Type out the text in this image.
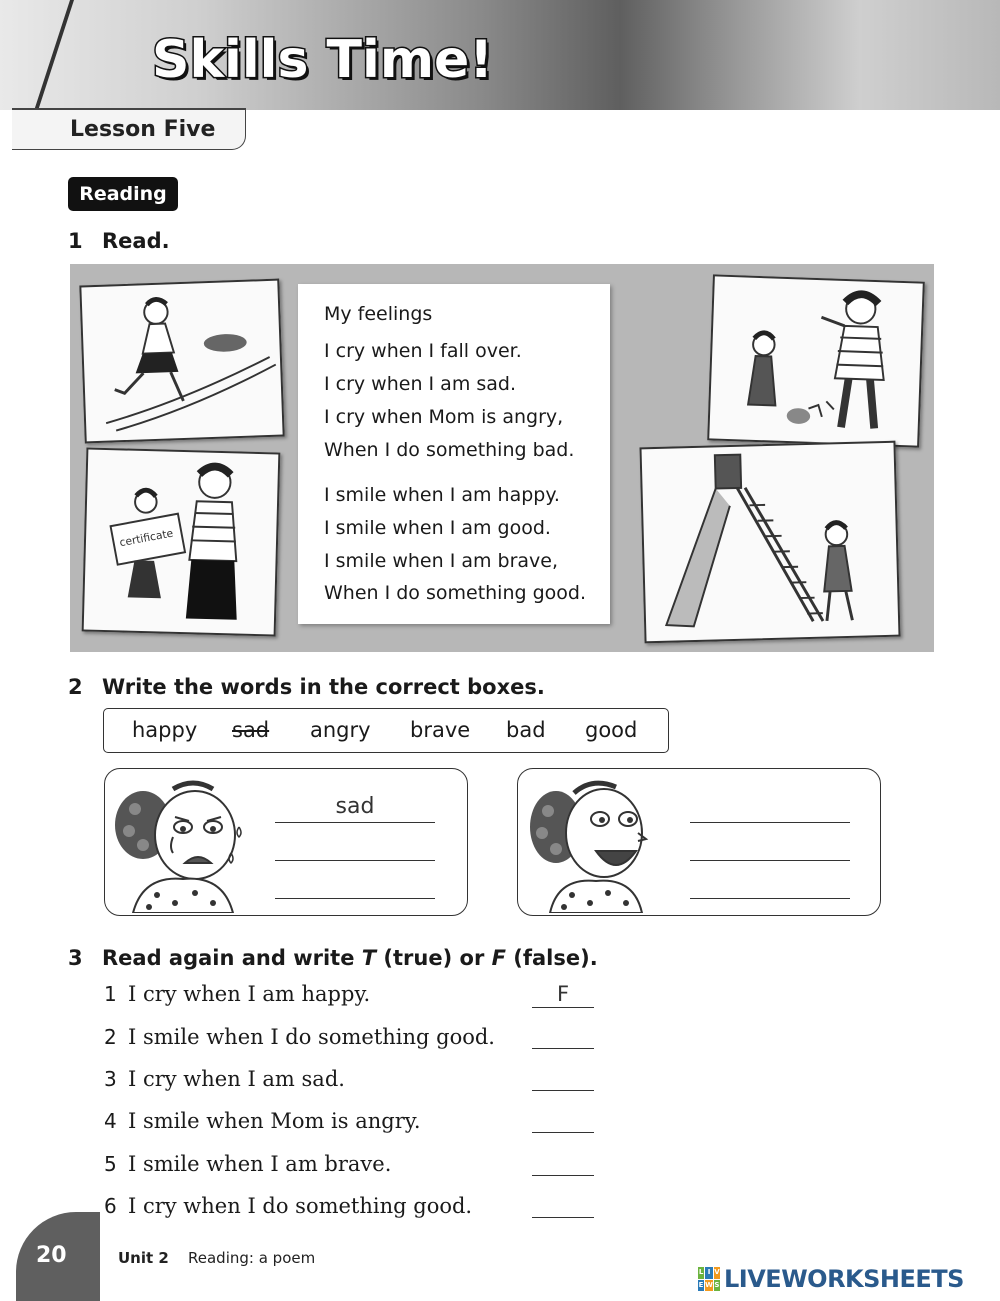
Skills Time!
Lesson Five
Reading
1 Read.
certificate
My feelings
I cry when I fall over.
I cry when I am sad.
I cry when Mom is angry,
When I do something bad.
I smile when I am happy.
I smile when I am good.
I smile when I am brave,
When I do something good.
2 Write the words in the correct boxes.
happy sad angry brave bad good
sad
3 Read again and write T (true) or F (false).
1 I cry when I am happy.	F
2 I smile when I do something good.
3 I cry when I am sad.
4 I smile when Mom is angry.
5 I smile when I am brave.
6 I cry when I do something good.
20	Unit 2 Reading: a poem
L I V
E W S LIVEWORKSHEETS
